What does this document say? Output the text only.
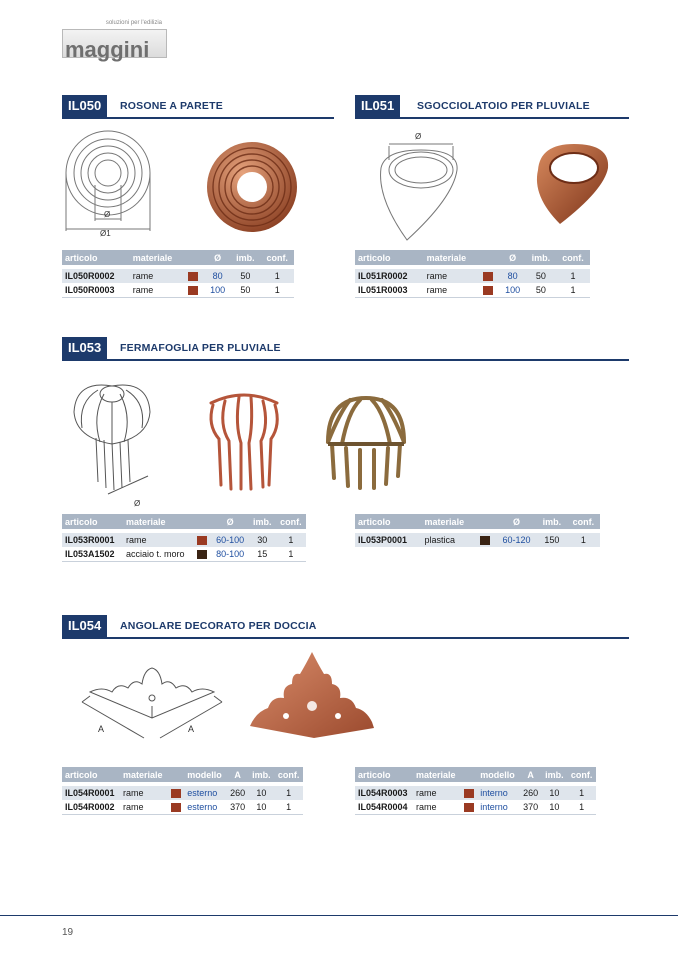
soluzioni per l'edilizia
maggini
IL050	ROSONE A PARETE
Ø
Ø1
articolo	materiale		Ø	imb.	conf.

IL050R0002	rame		80	50	1
IL050R0003	rame		100	50	1
IL051	SGOCCIOLATOIO PER PLUVIALE
Ø
articolo	materiale		Ø	imb.	conf.

IL051R0002	rame		80	50	1
IL051R0003	rame		100	50	1
IL053	FERMAFOGLIA PER PLUVIALE
Ø
articolo	materiale		Ø	imb.	conf.

IL053R0001	rame		60-100	30	1
IL053A1502	acciaio t. moro		80-100	15	1
articolo	materiale		Ø	imb.	conf.

IL053P0001	plastica		60-120	150	1
IL054	ANGOLARE DECORATO PER DOCCIA
A	A
articolo	materiale		modello	A	imb.	conf.

IL054R0001	rame		esterno	260	10	1
IL054R0002	rame		esterno	370	10	1
articolo	materiale		modello	A	imb.	conf.

IL054R0003	rame		interno	260	10	1
IL054R0004	rame		interno	370	10	1
19
